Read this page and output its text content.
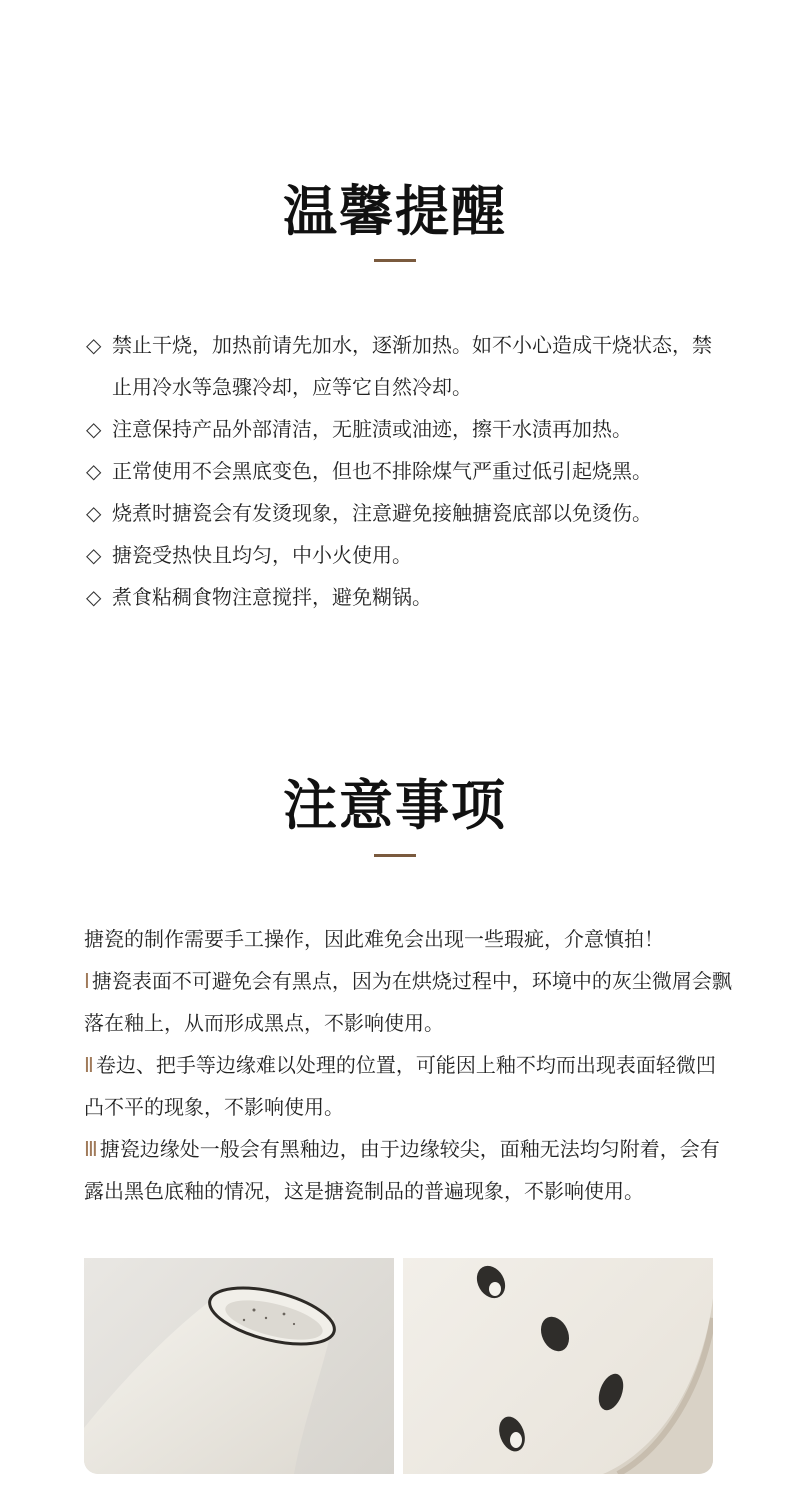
温馨提醒
◇ 禁止干烧，加热前请先加水，逐渐加热。如不小心造成干烧状态，禁止用冷水等急骤冷却，应等它自然冷却。
◇ 注意保持产品外部清洁，无脏渍或油迹，擦干水渍再加热。
◇ 正常使用不会黑底变色，但也不排除煤气严重过低引起烧黑。
◇ 烧煮时搪瓷会有发烫现象，注意避免接触搪瓷底部以免烫伤。
◇ 搪瓷受热快且均匀，中小火使用。
◇ 煮食粘稠食物注意搅拌，避免糊锅。
注意事项
搪瓷的制作需要手工操作，因此难免会出现一些瑕疵，介意慎拍！
Ⅰ 搪瓷表面不可避免会有黑点，因为在烘烧过程中，环境中的灰尘微屑会飘落在釉上，从而形成黑点，不影响使用。
Ⅱ 卷边、把手等边缘难以处理的位置，可能因上釉不均而出现表面轻微凹凸不平的现象，不影响使用。
Ⅲ 搪瓷边缘处一般会有黑釉边，由于边缘较尖，面釉无法均匀附着，会有露出黑色底釉的情况，这是搪瓷制品的普遍现象，不影响使用。
